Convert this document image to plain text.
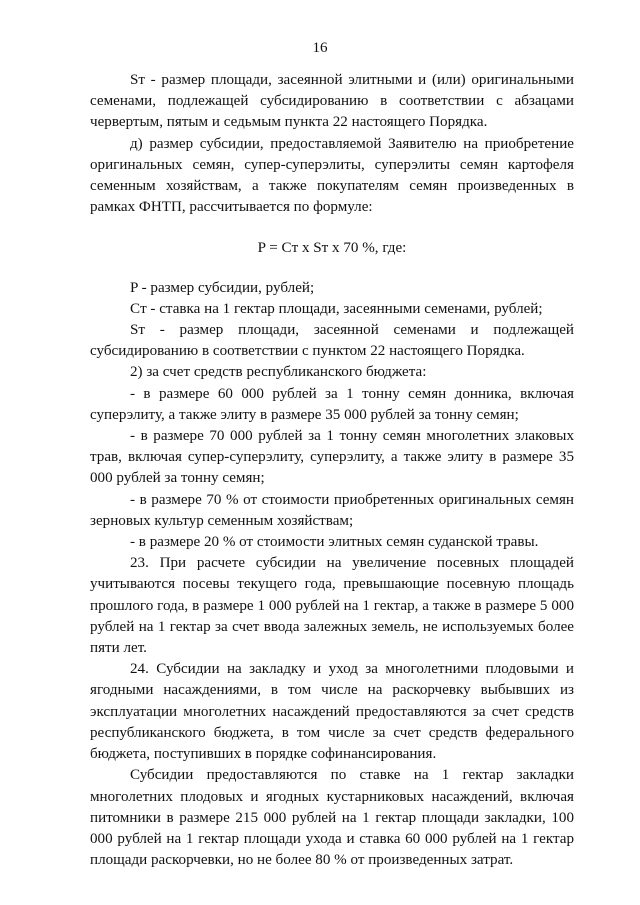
16

Sт - размер площади, засеянной элитными и (или) оригинальными семенами, подлежащей субсидированию в соответствии с абзацами червертым, пятым и седьмым пункта 22 настоящего Порядка.

д) размер субсидии, предоставляемой Заявителю на приобретение оригинальных семян, супер-суперэлиты, суперэлиты семян картофеля семенным хозяйствам, а также покупателям семян произведенных в рамках ФНТП, рассчитывается по формуле:

P = Cт x Sт x 70 %, где:

P - размер субсидии, рублей;

Cт - ставка на 1 гектар площади, засеянными семенами, рублей;

Sт - размер площади, засеянной семенами и подлежащей субсидированию в соответствии с пунктом 22 настоящего Порядка.

2) за счет средств республиканского бюджета:

- в размере 60 000 рублей за 1 тонну семян донника, включая суперэлиту, а также элиту в размере 35 000 рублей за тонну семян;

- в размере 70 000 рублей за 1 тонну семян многолетних злаковых трав, включая супер-суперэлиту, суперэлиту, а также элиту в размере 35 000 рублей за тонну семян;

- в размере 70 % от стоимости приобретенных оригинальных семян зерновых культур семенным хозяйствам;

- в размере 20 % от стоимости элитных семян суданской травы.

23. При расчете субсидии на увеличение посевных площадей учитываются посевы текущего года, превышающие посевную площадь прошлого года, в размере 1 000 рублей на 1 гектар, а также в размере 5 000 рублей на 1 гектар за счет ввода залежных земель, не используемых более пяти лет.

24. Субсидии на закладку и уход за многолетними плодовыми и ягодными насаждениями, в том числе на раскорчевку выбывших из эксплуатации многолетних насаждений предоставляются за счет средств республиканского бюджета, в том числе за счет средств федерального бюджета, поступивших в порядке софинансирования.

Субсидии предоставляются по ставке на 1 гектар закладки многолетних плодовых и ягодных кустарниковых насаждений, включая питомники в размере 215 000 рублей на 1 гектар площади закладки, 100 000 рублей на 1 гектар площади ухода и ставка 60 000 рублей на 1 гектар площади раскорчевки, но не более 80 % от произведенных затрат.
